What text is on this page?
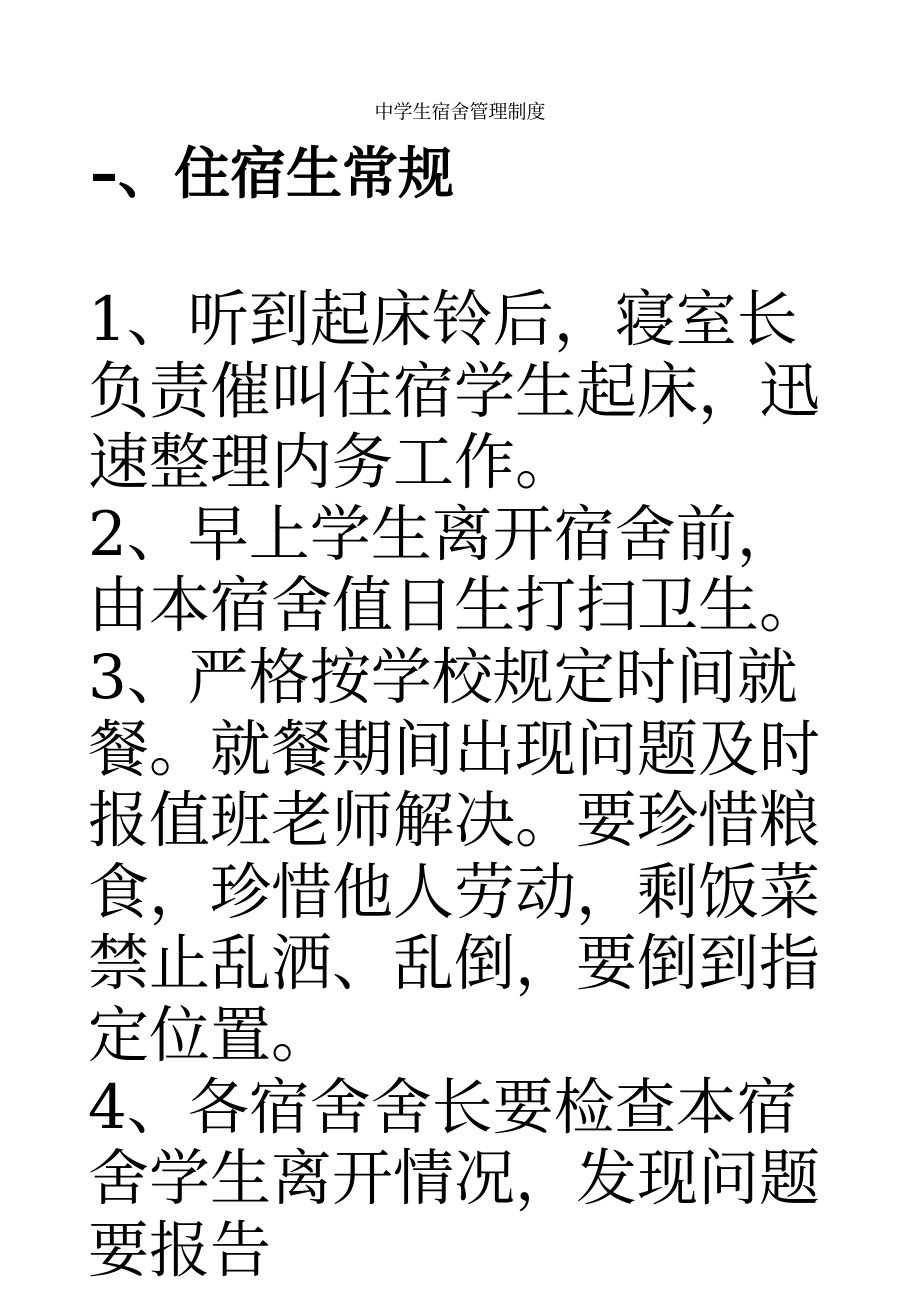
中学生宿舍管理制度
–、住宿生常规

1、听到起床铃后，寝室长负责催叫住宿学生起床，迅速整理内务工作。

2、早上学生离开宿舍前，由本宿舍值日生打扫卫生。

3、严格按学校规定时间就餐。就餐期间出现问题及时报值班老师解决。要珍惜粮食，珍惜他人劳动，剩饭菜禁止乱洒、乱倒，要倒到指定位置。

4、各宿舍舍长要检查本宿舍学生离开情况，发现问题要报告
